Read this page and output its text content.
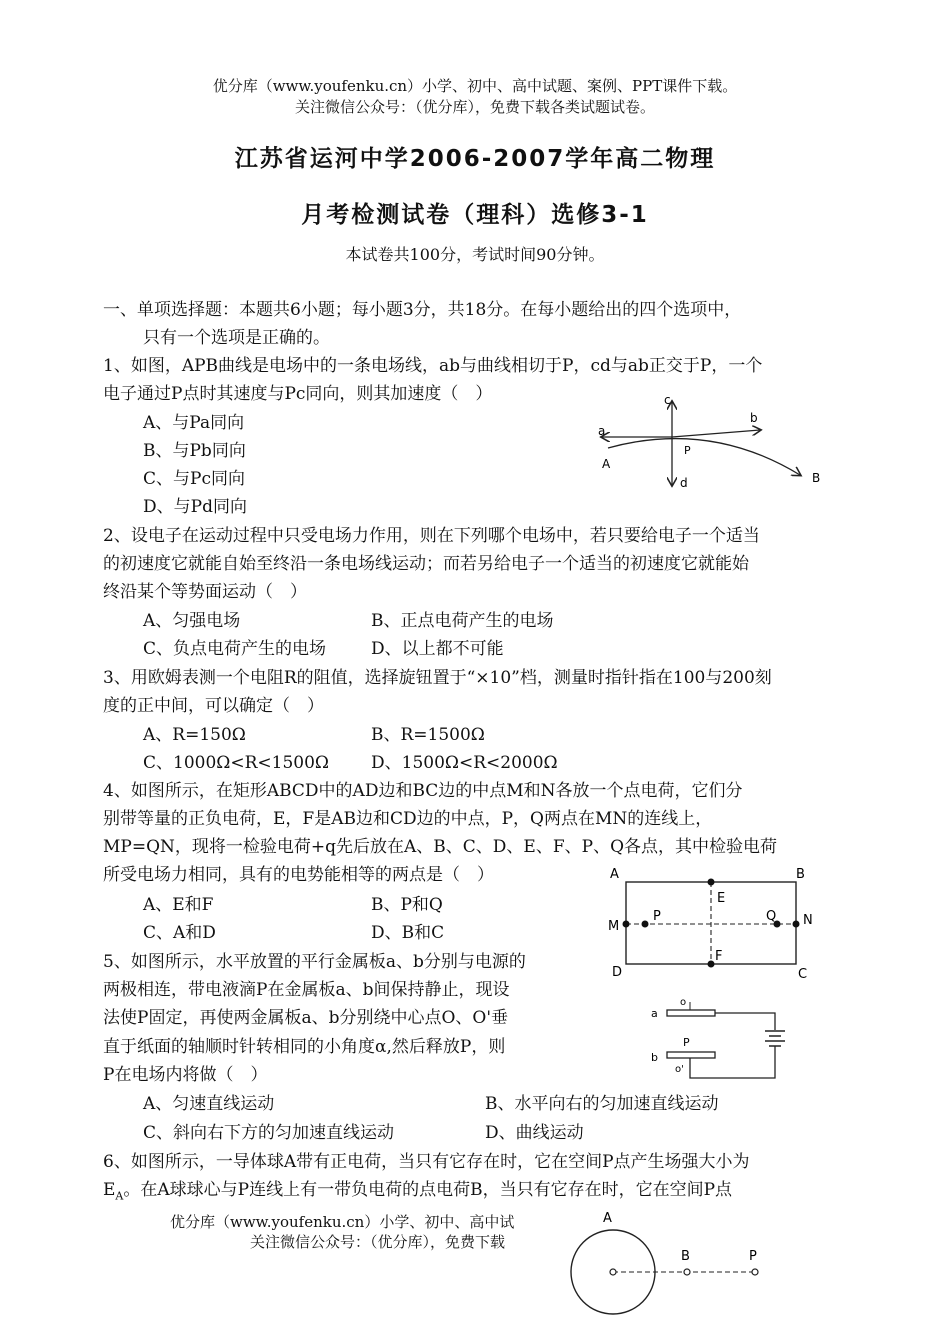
优分库（www.youfenku.cn）小学、初中、高中试题、案例、PPT课件下载。
关注微信公众号：（优分库），免费下载各类试题试卷。
江苏省运河中学2006-2007学年高二物理
月考检测试卷（理科）选修3-1
本试卷共100分，考试时间90分钟。
一、单项选择题：本题共6小题；每小题3分，共18分。在每小题给出的四个选项中，
只有一个选项是正确的。
1、如图，APB曲线是电场中的一条电场线，ab与曲线相切于P，cd与ab正交于P，一个
电子通过P点时其速度与Pc同向，则其加速度（　）
A、与Pa同向
B、与Pb同向
C、与Pc同向
D、与Pd同向
a
b
c
d
A
B
P
2、设电子在运动过程中只受电场力作用，则在下列哪个电场中，若只要给电子一个适当
的初速度它就能自始至终沿一条电场线运动；而若另给电子一个适当的初速度它就能始
终沿某个等势面运动（　）
A、匀强电场	B、正点电荷产生的电场
C、负点电荷产生的电场	D、以上都不可能
3、用欧姆表测一个电阻R的阻值，选择旋钮置于“×10”档，测量时指针指在100与200刻
度的正中间，可以确定（　）
A、R=150Ω	B、R=1500Ω
C、1000Ω<R<1500Ω D、1500Ω<R<2000Ω
4、如图所示，在矩形ABCD中的AD边和BC边的中点M和N各放一个点电荷，它们分
别带等量的正负电荷，E，F是AB边和CD边的中点，P，Q两点在MN的连线上，
MP=QN，现将一检验电荷+q先后放在A、B、C、D、E、F、P、Q各点，其中检验电荷
所受电场力相同，具有的电势能相等的两点是（　）
A、E和F	B、P和Q
C、A和D	D、B和C
A	B
C
D
E
F
M	N
P	Q
5、如图所示，水平放置的平行金属板a、b分别与电源的
两极相连，带电液滴P在金属板a、b间保持静止，现设
法使P固定，再使两金属板a、b分别绕中心点O、O'垂
直于纸面的轴顺时针转相同的小角度α,然后释放P，则
P在电场内将做（　）
A、匀速直线运动	B、水平向右的匀加速直线运动
C、斜向右下方的匀加速直线运动	D、曲线运动
a
b
o
o'
P
6、如图所示，一导体球A带有正电荷，当只有它存在时，它在空间P点产生场强大小为
$E_A$。在A球球心与P连线上有一带负电荷的点电荷B，当只有它存在时，它在空间P点
优分库（www.youfenku.cn）小学、初中、高中试
关注微信公众号：（优分库），免费下载
A
B	P
